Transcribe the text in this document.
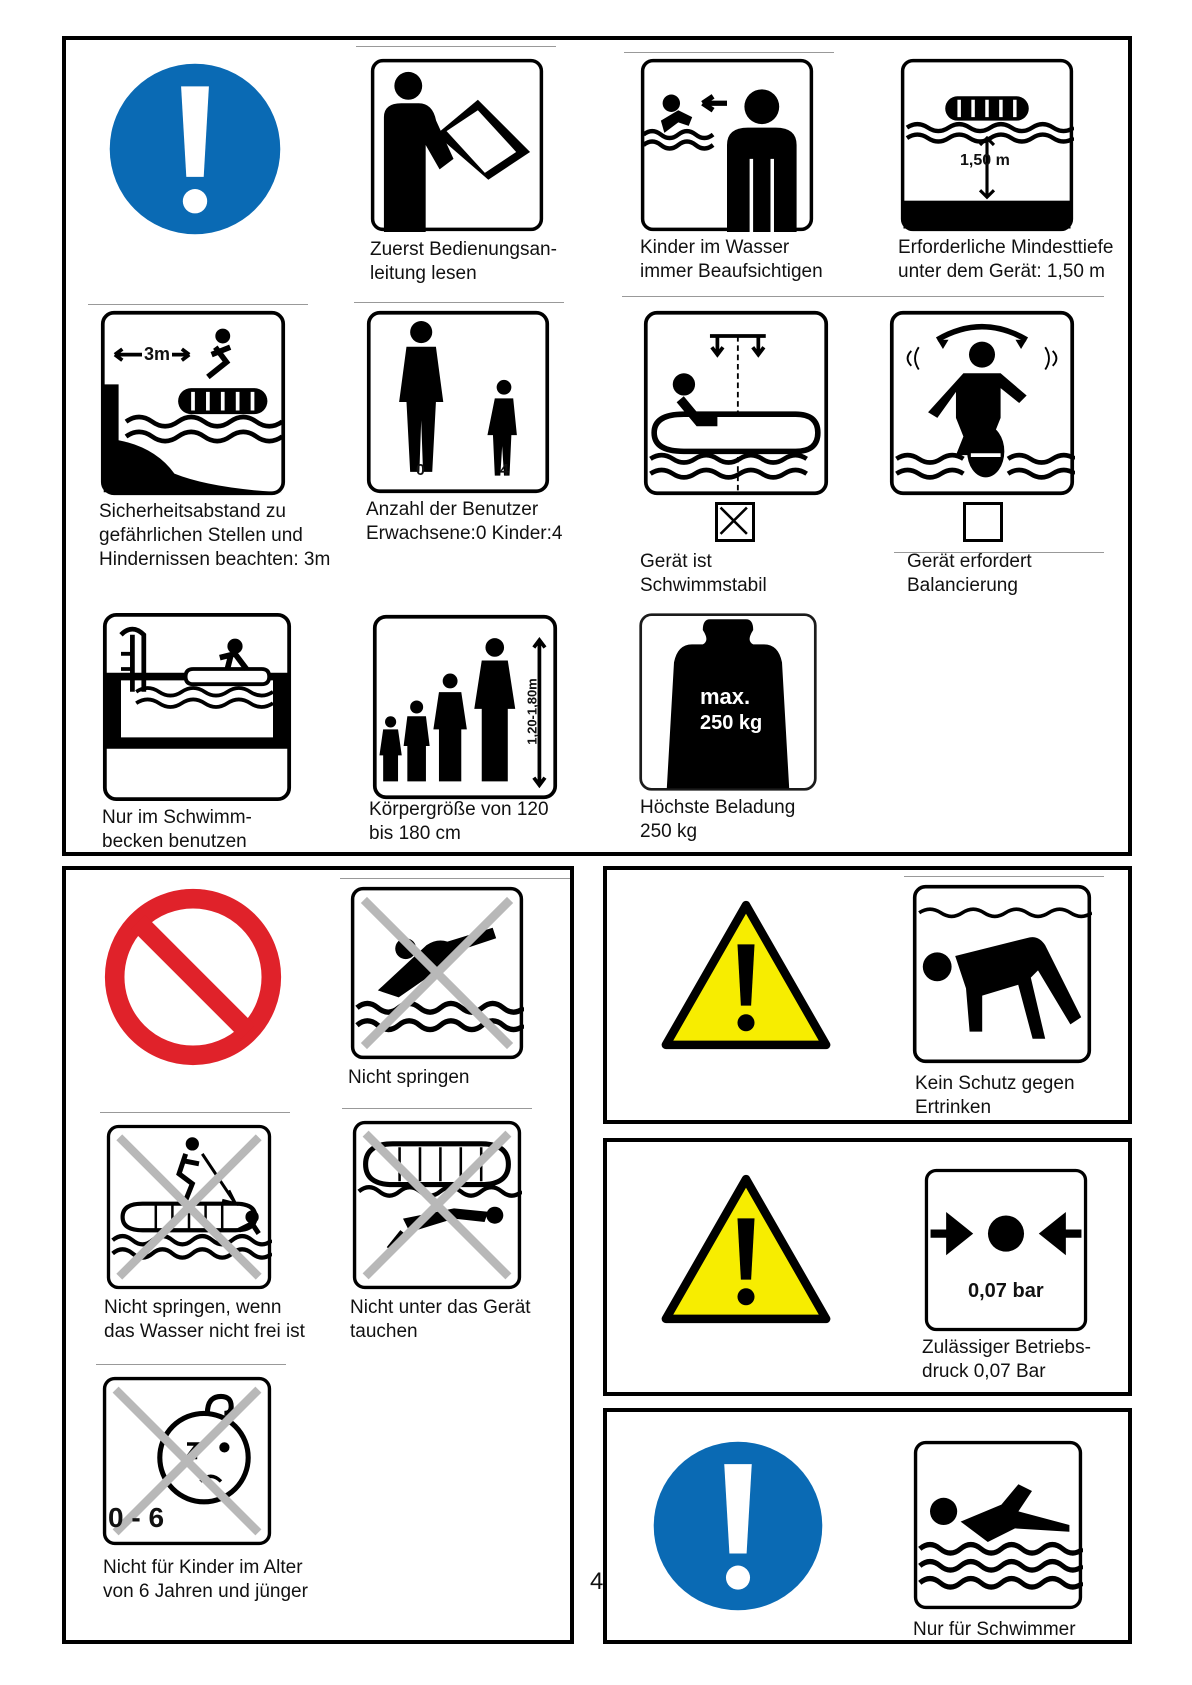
Zuerst Bedienungsan-
leitung lesen
Kinder im Wasser
immer Beaufsichtigen
1,50 m
Erforderliche Mindesttiefe
unter dem Gerät: 1,50 m
3m
Sicherheitsabstand zu
gefährlichen Stellen und
Hindernissen beachten: 3m
0	4
Anzahl der Benutzer
Erwachsene:0 Kinder:4
Gerät ist
Schwimmstabil
Gerät erfordert
Balancierung
Nur im Schwimm-
becken benutzen
1,20-1,80m
Körpergröße von 120
bis 180 cm
max.
250 kg
Höchste Beladung
250 kg
Nicht springen
Nicht springen, wenn
das Wasser nicht frei ist
Nicht unter das Gerät
tauchen
0 - 6
Nicht für Kinder im Alter
von 6 Jahren und jünger	4
Kein Schutz gegen
Ertrinken
0,07 bar
Zulässiger Betriebs-
druck 0,07 Bar
Nur für Schwimmer
